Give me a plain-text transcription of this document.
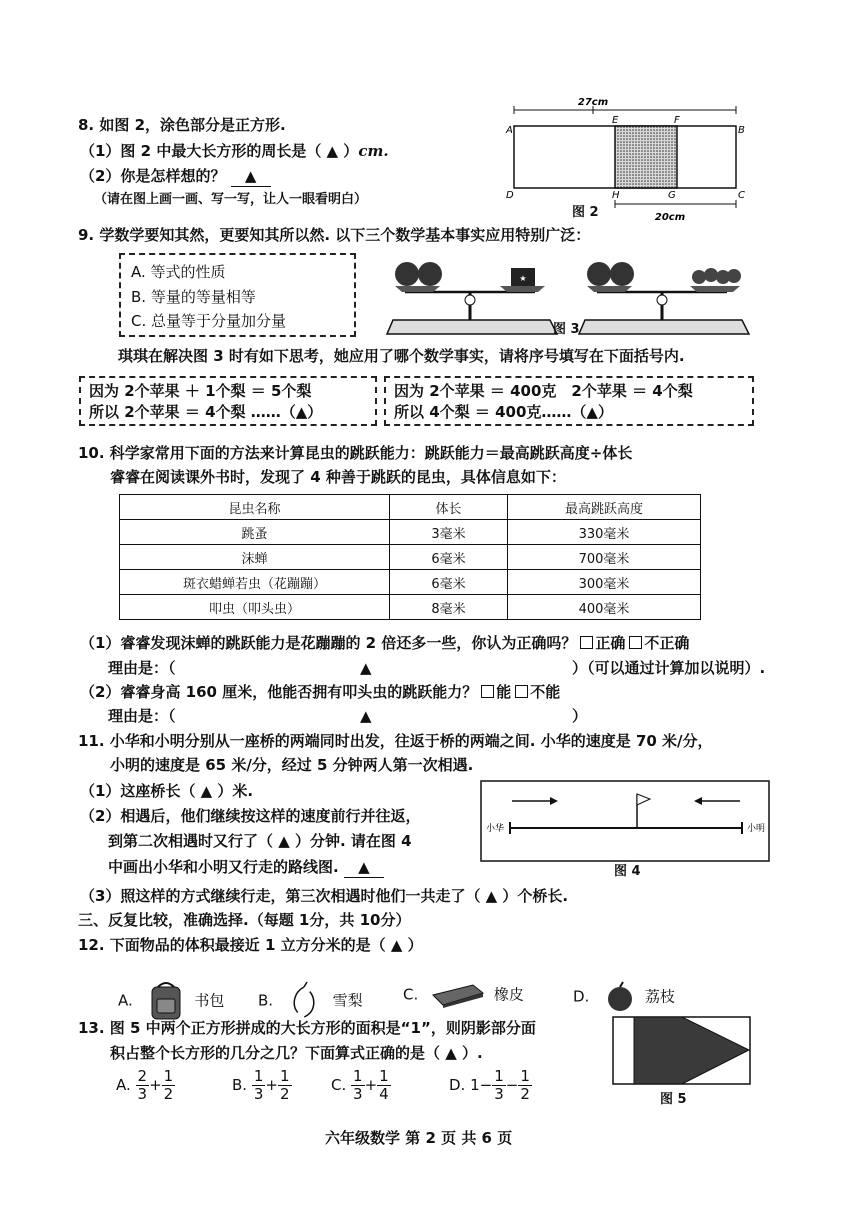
8. 如图 2，涂色部分是正方形.
（1）图 2 中最大长方形的周长是（ ▲ ）cm.
（2）你是怎样想的？ ▲
（请在图上画一画、写一写，让人一眼看明白）
27cm
20cm
A
E	F
B
D	H	G	C
图 2
9. 学数学要知其然，更要知其所以然. 以下三个数学基本事实应用特别广泛：
A. 等式的性质
B. 等量的等量相等
C. 总量等于分量加分量
★
图 3
琪琪在解决图 3 时有如下思考，她应用了哪个数学事实，请将序号填写在下面括号内.
因为 2个苹果 ＋ 1个梨 ＝ 5个梨
所以 2个苹果 ＝ 4个梨 ……（▲）
因为 2个苹果 ＝ 400克　2个苹果 ＝ 4个梨
所以 4个梨 ＝ 400克……（▲）
10. 科学家常用下面的方法来计算昆虫的跳跃能力：跳跃能力＝最高跳跃高度÷体长
睿睿在阅读课外书时，发现了 4 种善于跳跃的昆虫，具体信息如下：
昆虫名称	体长	最高跳跃高度
跳蚤	3毫米	330毫米
沫蝉	6毫米	700毫米
斑衣蜡蝉若虫（花蹦蹦）	6毫米	300毫米
叩虫（叩头虫）	8毫米	400毫米
（1）睿睿发现沫蝉的跳跃能力是花蹦蹦的 2 倍还多一些，你认为正确吗？ 正确 不正确
理由是：（	▲	）（可以通过计算加以说明）.
（2）睿睿身高 160 厘米，他能否拥有叩头虫的跳跃能力？ 能 不能
理由是：（	▲	）
11. 小华和小明分别从一座桥的两端同时出发，往返于桥的两端之间. 小华的速度是 70 米/分，
小明的速度是 65 米/分，经过 5 分钟两人第一次相遇.
（1）这座桥长（ ▲ ）米.
（2）相遇后，他们继续按这样的速度前行并往返，
到第二次相遇时又行了（ ▲ ）分钟. 请在图 4
中画出小华和小明又行走的路线图. ▲
小华	小明
图 4
（3）照这样的方式继续行走，第三次相遇时他们一共走了（ ▲ ）个桥长.
三、反复比较，准确选择.（每题 1分，共 10分）
12. 下面物品的体积最接近 1 立方分米的是（ ▲ ）
A.	书包 B.	雪梨	C.	橡皮	D.	荔枝
13. 图 5 中两个正方形拼成的大长方形的面积是“1”，则阴影部分面
积占整个长方形的几分之几？下面算式正确的是（ ▲ ）.
A. $\frac{2}{3} + \frac{1}{2}$	B. $\frac{1}{3} + \frac{1}{2}$	C. $\frac{1}{3} + \frac{1}{4}$	D. $1- \frac{1}{3} - \frac{1}{2}$	图 5
六年级数学 第 2 页 共 6 页
